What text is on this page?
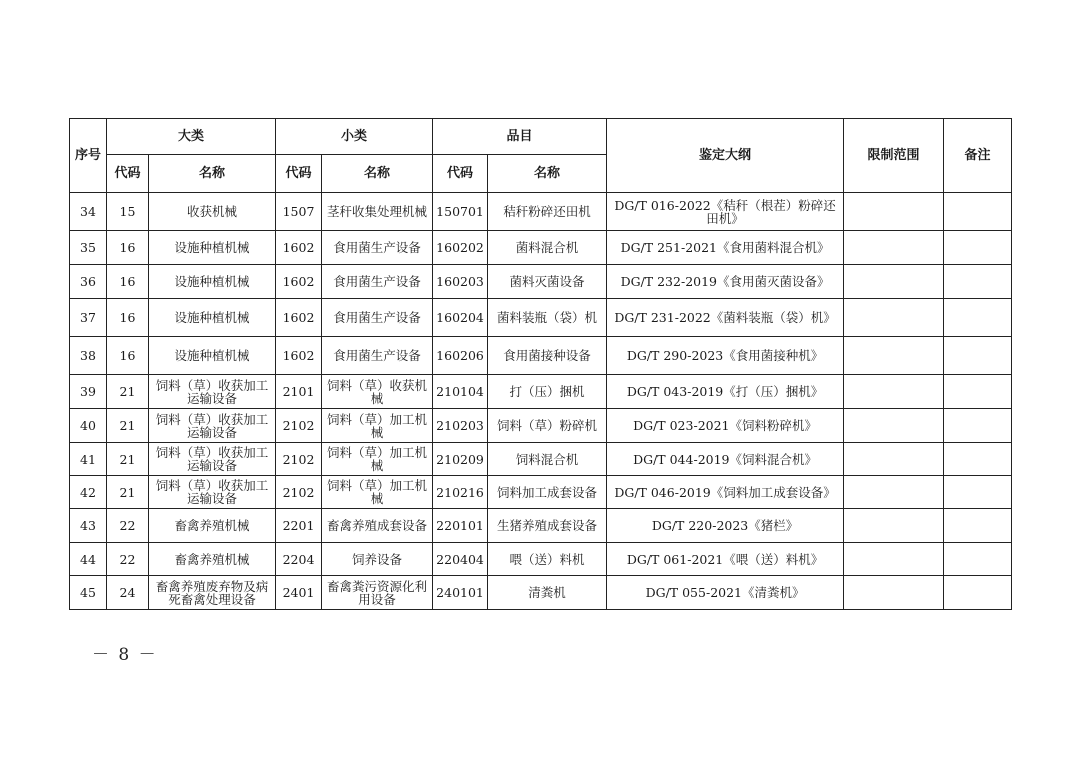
序号	大类		小类		品目		鉴定大纲	限制范围	备注
	代码	名称	代码	名称	代码	名称			
34	15	收获机械	1507	茎秆收集处理机械	150701	秸秆粉碎还田机	DG/T 016-2022《秸秆（根茬）粉碎还田机》		
35	16	设施种植机械	1602	食用菌生产设备	160202	菌料混合机	DG/T 251-2021《食用菌料混合机》		
36	16	设施种植机械	1602	食用菌生产设备	160203	菌料灭菌设备	DG/T 232-2019《食用菌灭菌设备》		
37	16	设施种植机械	1602	食用菌生产设备	160204	菌料装瓶（袋）机	DG/T 231-2022《菌料装瓶（袋）机》		
38	16	设施种植机械	1602	食用菌生产设备	160206	食用菌接种设备	DG/T 290-2023《食用菌接种机》		
39	21	饲料（草）收获加工运输设备	2101	饲料（草）收获机械	210104	打（压）捆机	DG/T 043-2019《打（压）捆机》		
40	21	饲料（草）收获加工运输设备	2102	饲料（草）加工机械	210203	饲料（草）粉碎机	DG/T 023-2021《饲料粉碎机》		
41	21	饲料（草）收获加工运输设备	2102	饲料（草）加工机械	210209	饲料混合机	DG/T 044-2019《饲料混合机》		
42	21	饲料（草）收获加工运输设备	2102	饲料（草）加工机械	210216	饲料加工成套设备	DG/T 046-2019《饲料加工成套设备》		
43	22	畜禽养殖机械	2201	畜禽养殖成套设备	220101	生猪养殖成套设备	DG/T 220-2023《猪栏》		
44	22	畜禽养殖机械	2204	饲养设备	220404	喂（送）料机	DG/T 061-2021《喂（送）料机》		
45	24	畜禽养殖废弃物及病死畜禽处理设备	2401	畜禽粪污资源化利用设备	240101	清粪机	DG/T 055-2021《清粪机》		
－ 8 －
